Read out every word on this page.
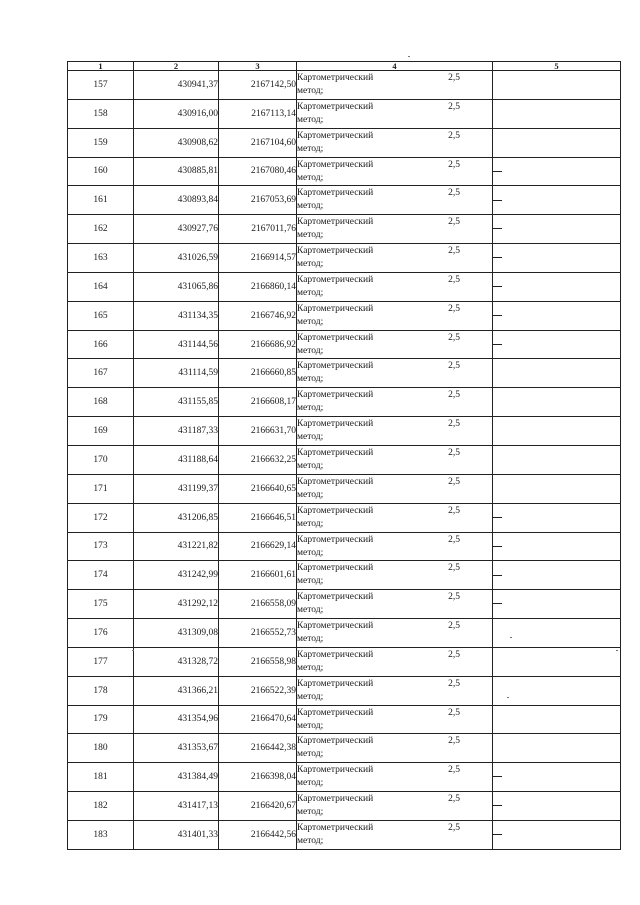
1	2	3	4	5
157	430941,37	2167142,50	Картометрический 2,5
метод;	

158	430916,00	2167113,14	Картометрический 2,5
метод;	

159	430908,62	2167104,60	Картометрический 2,5
метод;	

160	430885,81	2167080,46	Картометрический 2,5
метод;	

161	430893,84	2167053,69	Картометрический 2,5
метод;	

162	430927,76	2167011,76	Картометрический 2,5
метод;	

163	431026,59	2166914,57	Картометрический 2,5
метод;	

164	431065,86	2166860,14	Картометрический 2,5
метод;	

165	431134,35	2166746,92	Картометрический 2,5
метод;	

166	431144,56	2166686,92	Картометрический 2,5
метод;	

167	431114,59	2166660,85	Картометрический 2,5
метод;	

168	431155,85	2166608,17	Картометрический 2,5
метод;	

169	431187,33	2166631,70	Картометрический 2,5
метод;	

170	431188,64	2166632,25	Картометрический 2,5
метод;	

171	431199,37	2166640,65	Картометрический 2,5
метод;	

172	431206,85	2166646,51	Картометрический 2,5
метод;	

173	431221,82	2166629,14	Картометрический 2,5
метод;	

174	431242,99	2166601,61	Картометрический 2,5
метод;	

175	431292,12	2166558,09	Картометрический 2,5
метод;	

176	431309,08	2166552,73	Картометрический 2,5
метод;	

177	431328,72	2166558,98	Картометрический 2,5
метод;	

178	431366,21	2166522,39	Картометрический 2,5
метод;	

179	431354,96	2166470,64	Картометрический 2,5
метод;	

180	431353,67	2166442,38	Картометрический 2,5
метод;	

181	431384,49	2166398,04	Картометрический 2,5
метод;	

182	431417,13	2166420,67	Картометрический 2,5
метод;	

183	431401,33	2166442,56	Картометрический 2,5
метод;	
